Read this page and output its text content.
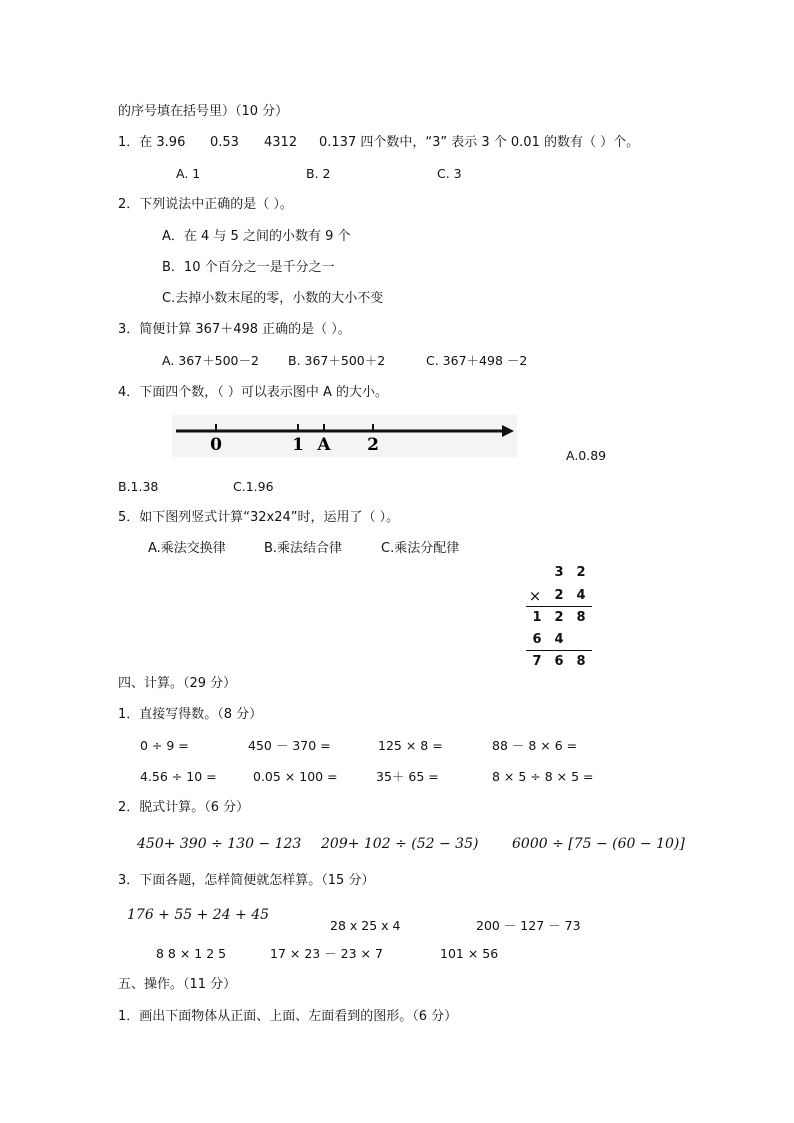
的序号填在括号里）（10 分）
1．在 3.96 0.53 4312 0.137 四个数中，“3” 表示 3 个 0.01 的数有（ ）个。
A. 1	B. 2	C. 3
2．下列说法中正确的是（ ）。
A．在 4 与 5 之间的小数有 9 个
B．10 个百分之一是千分之一
C.去掉小数末尾的零，小数的大小不变
3．简便计算 367＋498 正确的是（ ）。
A. 367＋500－2 B. 367＋500＋2	C. 367＋498 －2
4．下面四个数，（ ）可以表示图中 A 的大小。
0	1 A 2
A.0.89
B.1.38	C.1.96
5．如下图列竖式计算“32x24”时，运用了（ ）。
A.乘法交换律	B.乘法结合律	C.乘法分配律
3 2
×	2 4
1 2 8
6 4
7 6 8
四、计算。（29 分）
1．直接写得数。（8 分）
0 ÷ 9 =	450 － 370 =	125 × 8 =	88 － 8 × 6 =
4.56 ÷ 10 =	0.05 × 100 =	35＋ 65 =	8 × 5 ÷ 8 × 5 =
2．脱式计算。（6 分）
450+ 390 ÷ 130 − 123 209+ 102 ÷ (52 − 35) 6000 ÷ [75 − (60 − 10)]
3．下面各题，怎样简便就怎样算。（15 分）
176 + 55 + 24 + 45
28 x 25 x 4	200 － 127 － 73
8 8 × 1 2 5	17 × 23 － 23 × 7	101 × 56
五、操作。（11 分）
1．画出下面物体从正面、上面、左面看到的图形。（6 分）
